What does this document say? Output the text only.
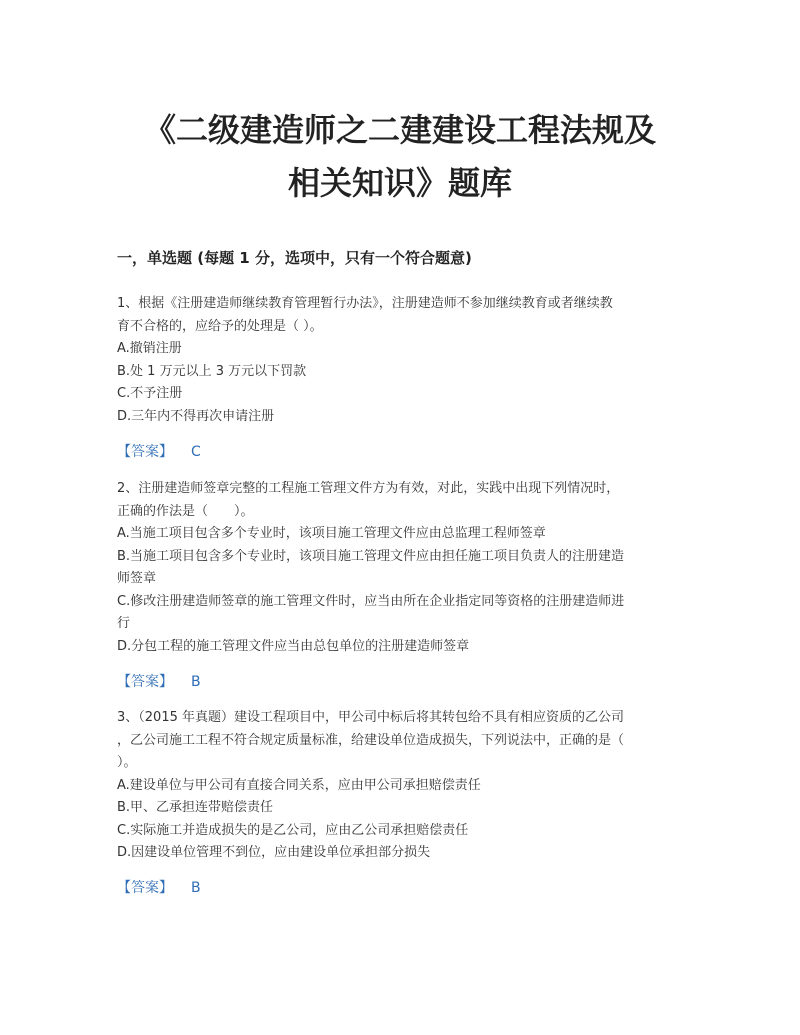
《二级建造师之二建建设工程法规及
相关知识》题库
一，单选题 (每题 1 分，选项中，只有一个符合题意)
1、根据《注册建造师继续教育管理暂行办法》，注册建造师不参加继续教育或者继续教
育不合格的，应给予的处理是（ ）。
A.撤销注册
B.处 1 万元以上 3 万元以下罚款
C.不予注册
D.三年内不得再次申请注册
【答案】 C
2、注册建造师签章完整的工程施工管理文件方为有效，对此，实践中出现下列情况时，
正确的作法是（　　）。
A.当施工项目包含多个专业时，该项目施工管理文件应由总监理工程师签章
B.当施工项目包含多个专业时，该项目施工管理文件应由担任施工项目负责人的注册建造
师签章
C.修改注册建造师签章的施工管理文件时，应当由所在企业指定同等资格的注册建造师进
行
D.分包工程的施工管理文件应当由总包单位的注册建造师签章
【答案】 B
3、（2015 年真题）建设工程项目中，甲公司中标后将其转包给不具有相应资质的乙公司
，乙公司施工工程不符合规定质量标准，给建设单位造成损失，下列说法中，正确的是（
）。
A.建设单位与甲公司有直接合同关系，应由甲公司承担赔偿责任
B.甲、乙承担连带赔偿责任
C.实际施工并造成损失的是乙公司，应由乙公司承担赔偿责任
D.因建设单位管理不到位，应由建设单位承担部分损失
【答案】 B
